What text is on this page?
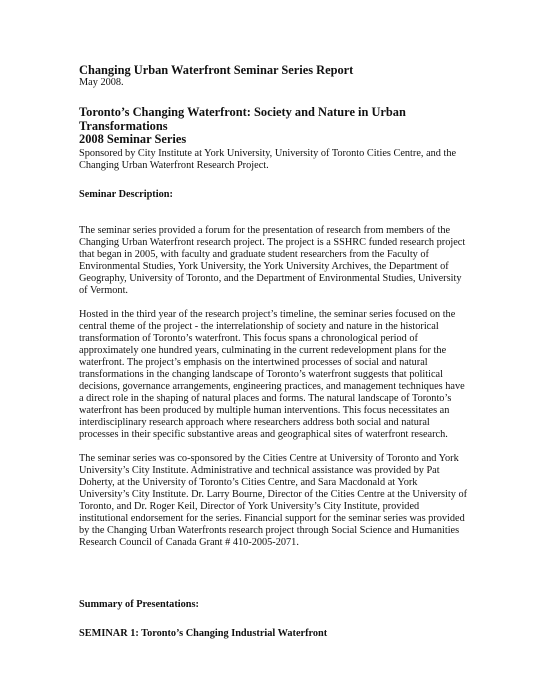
Changing Urban Waterfront Seminar Series Report

May 2008.

Toronto’s Changing Waterfront: Society and Nature in Urban Transformations

2008 Seminar Series

Sponsored by City Institute at York University, University of Toronto Cities Centre, and the Changing Urban Waterfront Research Project.

Seminar Description:

The seminar series provided a forum for the presentation of research from members of the Changing Urban Waterfront research project. The project is a SSHRC funded research project that began in 2005, with faculty and graduate student researchers from the Faculty of Environmental Studies, York University, the York University Archives, the Department of Geography, University of Toronto, and the Department of Environmental Studies, University of Vermont.

Hosted in the third year of the research project’s timeline, the seminar series focused on the central theme of the project - the interrelationship of society and nature in the historical transformation of Toronto’s waterfront. This focus spans a chronological period of approximately one hundred years, culminating in the current redevelopment plans for the waterfront. The project’s emphasis on the intertwined processes of social and natural transformations in the changing landscape of Toronto’s waterfront suggests that political decisions, governance arrangements, engineering practices, and management techniques have a direct role in the shaping of natural places and forms. The natural landscape of Toronto’s waterfront has been produced by multiple human interventions. This focus necessitates an interdisciplinary research approach where researchers address both social and natural processes in their specific substantive areas and geographical sites of waterfront research.

The seminar series was co-sponsored by the Cities Centre at University of Toronto and York University’s City Institute. Administrative and technical assistance was provided by Pat Doherty, at the University of Toronto’s Cities Centre, and Sara Macdonald at York University’s City Institute. Dr. Larry Bourne, Director of the Cities Centre at the University of Toronto, and Dr. Roger Keil, Director of York University’s City Institute, provided institutional endorsement for the series. Financial support for the seminar series was provided by the Changing Urban Waterfronts research project through Social Science and Humanities Research Council of Canada Grant # 410-2005-2071.

Summary of Presentations:

SEMINAR 1: Toronto’s Changing Industrial Waterfront
